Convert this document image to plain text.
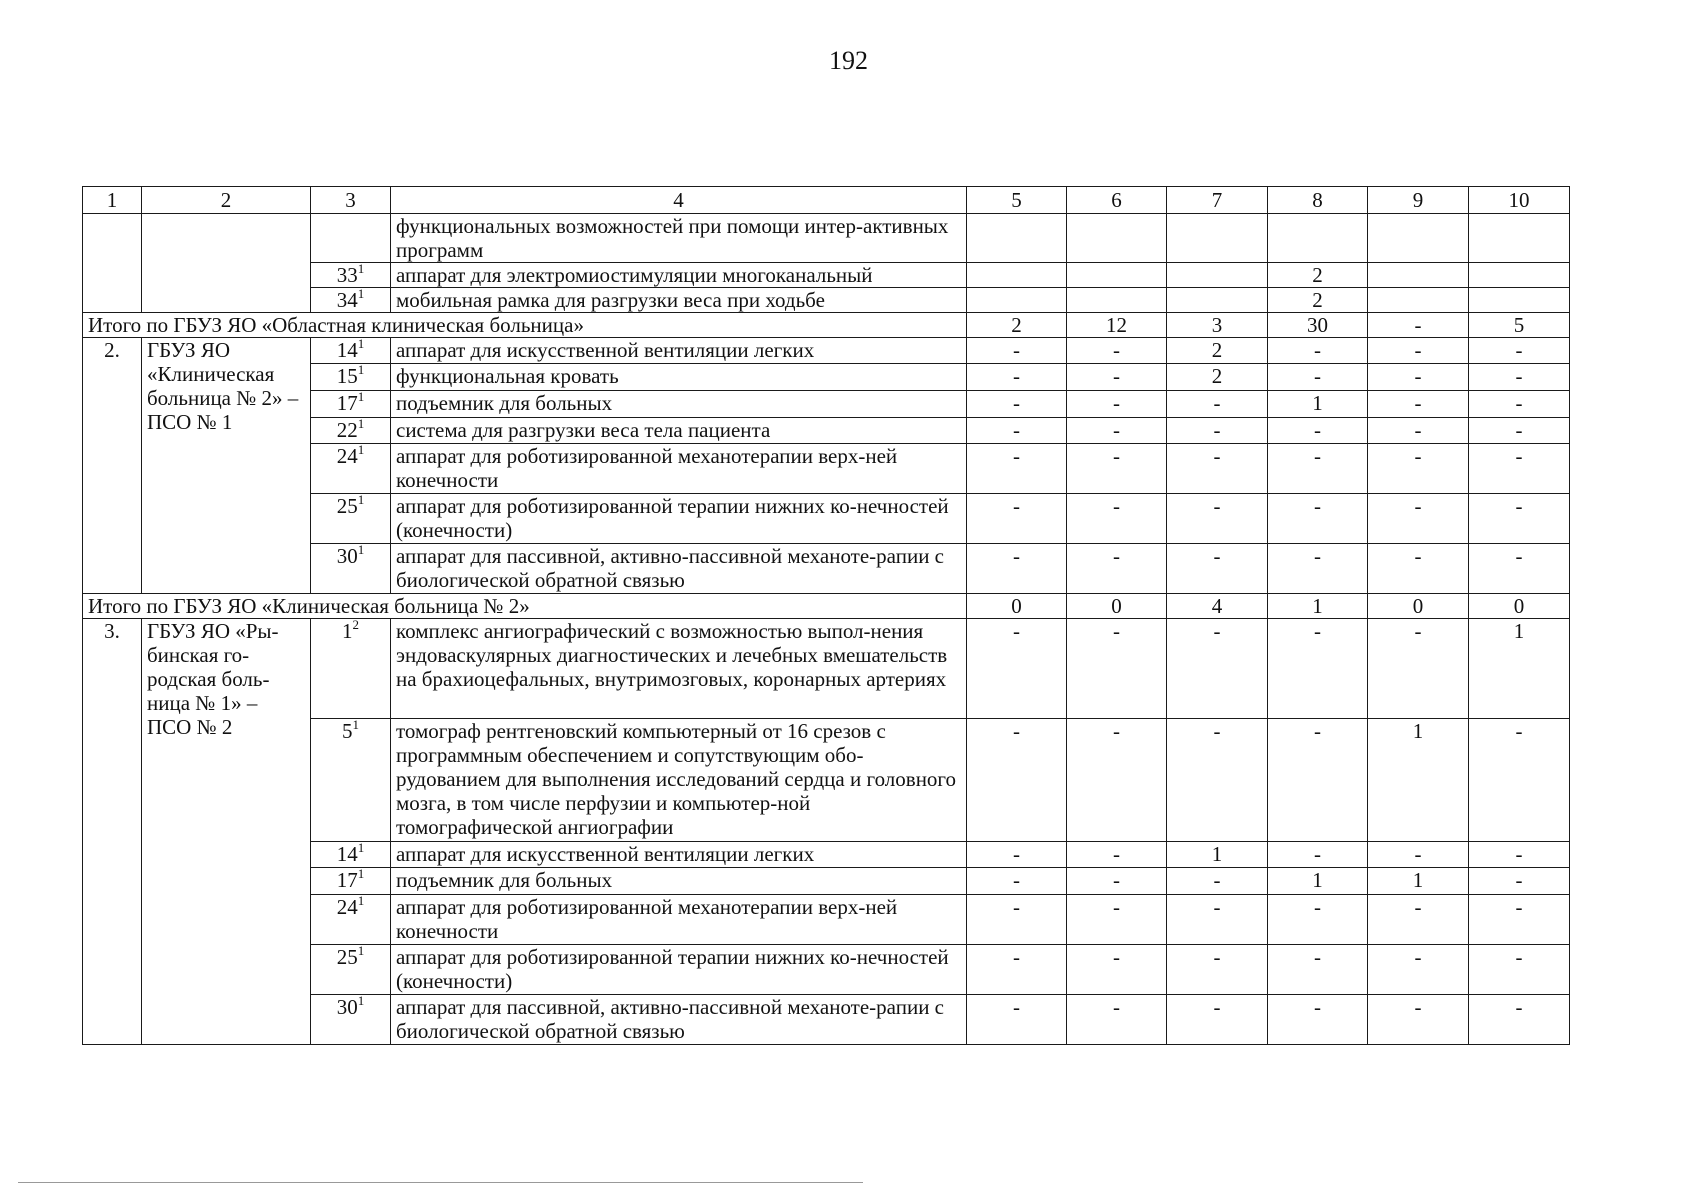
192
1	2	3	4	5	6	7	8	9	10
			функциональных возможностей при помощи интер-активных программ						
		$33^1$	аппарат для электромиостимуляции многоканальный				2		
		$34^1$	мобильная рамка для разгрузки веса при ходьбе				2		
Итого по ГБУЗ ЯО «Областная клиническая больница»				2	12	3	30	-	5
2.	ГБУЗ ЯО «Клиническая больница № 2» – ПСО № 1	$14^1$	аппарат для искусственной вентиляции легких	-	-	2	-	-	-
		$15^1$	функциональная кровать	-	-	2	-	-	-
		$17^1$	подъемник для больных	-	-	-	1	-	-
		$22^1$	система для разгрузки веса тела пациента	-	-	-	-	-	-
		$24^1$	аппарат для роботизированной механотерапии верх-ней конечности	-	-	-	-	-	-
		$25^1$	аппарат для роботизированной терапии нижних ко-нечностей (конечности)	-	-	-	-	-	-
		$30^1$	аппарат для пассивной, активно-пассивной механоте-рапии с биологической обратной связью	-	-	-	-	-	-
Итого по ГБУЗ ЯО «Клиническая больница № 2»				0	0	4	1	0	0
3.	ГБУЗ ЯО «Ры-бинская го-родская боль-ница № 1» – ПСО № 2	$1^2$	комплекс ангиографический с возможностью выпол-нения эндоваскулярных диагностических и лечебных вмешательств на брахиоцефальных, внутримозговых, коронарных артериях	-	-	-	-	-	1
		$5^1$	томограф рентгеновский компьютерный от 16 срезов с программным обеспечением и сопутствующим обо-рудованием для выполнения исследований сердца и головного мозга, в том числе перфузии и компьютер-ной томографической ангиографии	-	-	-	-	1	-
		$14^1$	аппарат для искусственной вентиляции легких	-	-	1	-	-	-
		$17^1$	подъемник для больных	-	-	-	1	1	-
		$24^1$	аппарат для роботизированной механотерапии верх-ней конечности	-	-	-	-	-	-
		$25^1$	аппарат для роботизированной терапии нижних ко-нечностей (конечности)	-	-	-	-	-	-
		$30^1$	аппарат для пассивной, активно-пассивной механоте-рапии с биологической обратной связью	-	-	-	-	-	-
